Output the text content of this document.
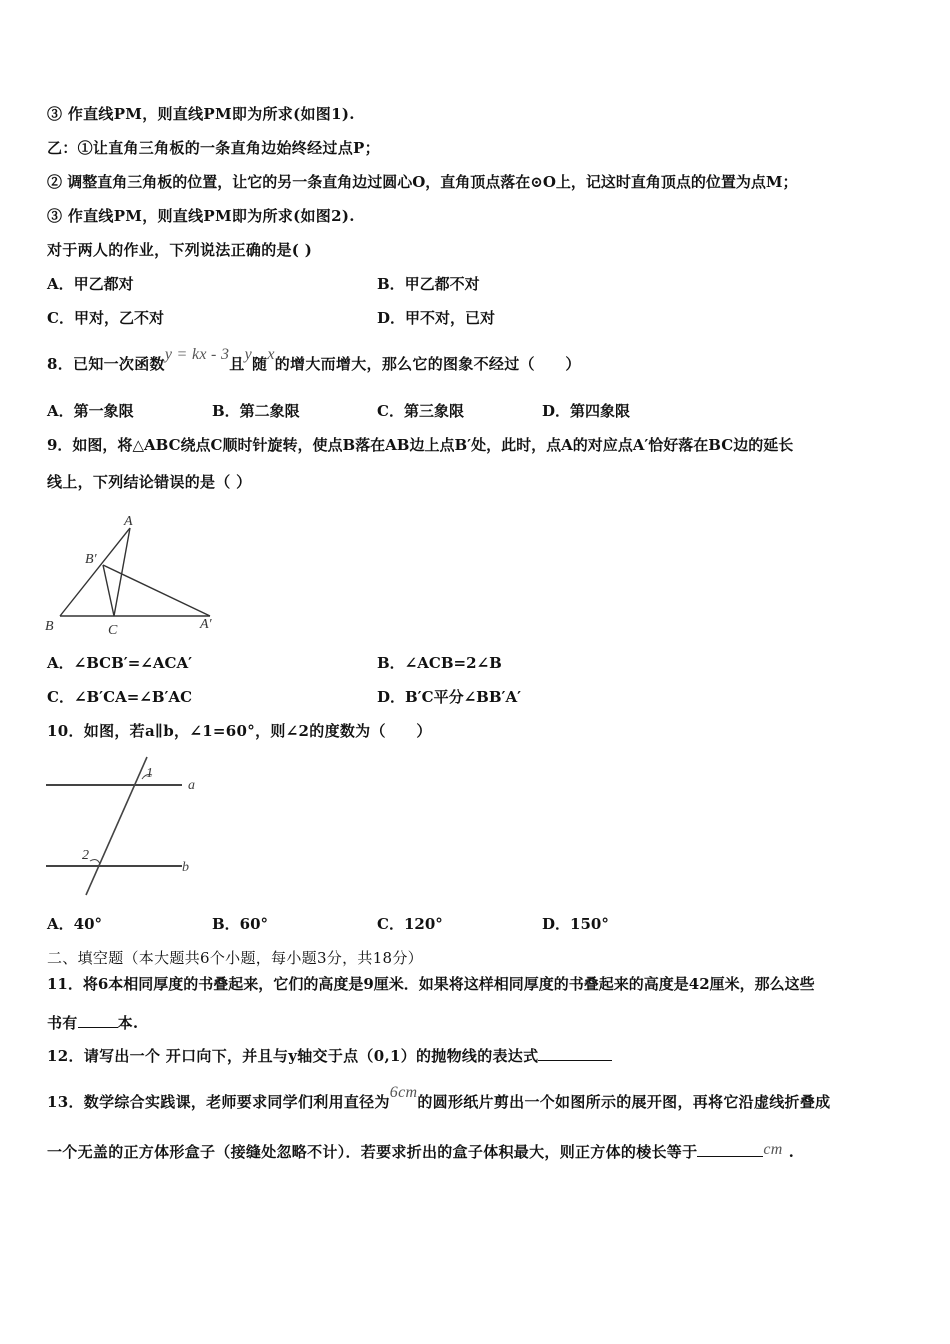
③ 作直线PM，则直线PM即为所求(如图1).
乙：①让直角三角板的一条直角边始终经过点P；
② 调整直角三角板的位置，让它的另一条直角边过圆心O，直角顶点落在⊙O上，记这时直角顶点的位置为点M；
③ 作直线PM，则直线PM即为所求(如图2).
对于两人的作业，下列说法正确的是( )
A．甲乙都对	B．甲乙都不对
C．甲对，乙不对	D．甲不对，已对
8．已知一次函数y = kx - 3且y随x的增大而增大，那么它的图象不经过（　　）
A．第一象限	B．第二象限	C．第三象限	D．第四象限
9．如图，将△ABC绕点C顺时针旋转，使点B落在AB边上点B′处，此时，点A的对应点A′恰好落在BC边的延长
线上，下列结论错误的是（ ）
A
B′
B	C	A′
A．∠BCB′=∠ACA′	B．∠ACB=2∠B
C．∠B′CA=∠B′AC	D．B′C平分∠BB′A′
10．如图，若a∥b，∠1=60°，则∠2的度数为（　　）
1
2
a
b
A．40°	B．60°	C．120°	D．150°
二、填空题（本大题共6个小题，每小题3分，共18分）
11．将6本相同厚度的书叠起来，它们的高度是9厘米．如果将这样相同厚度的书叠起来的高度是42厘米，那么这些
书有	本.
12．请写出一个 开口向下，并且与y轴交于点（0,1）的抛物线的表达式
13．数学综合实践课，老师要求同学们利用直径为6cm的圆形纸片剪出一个如图所示的展开图，再将它沿虚线折叠成
一个无盖的正方体形盒子（接缝处忽略不计）．若要求折出的盒子体积最大，则正方体的棱长等于	cm .
